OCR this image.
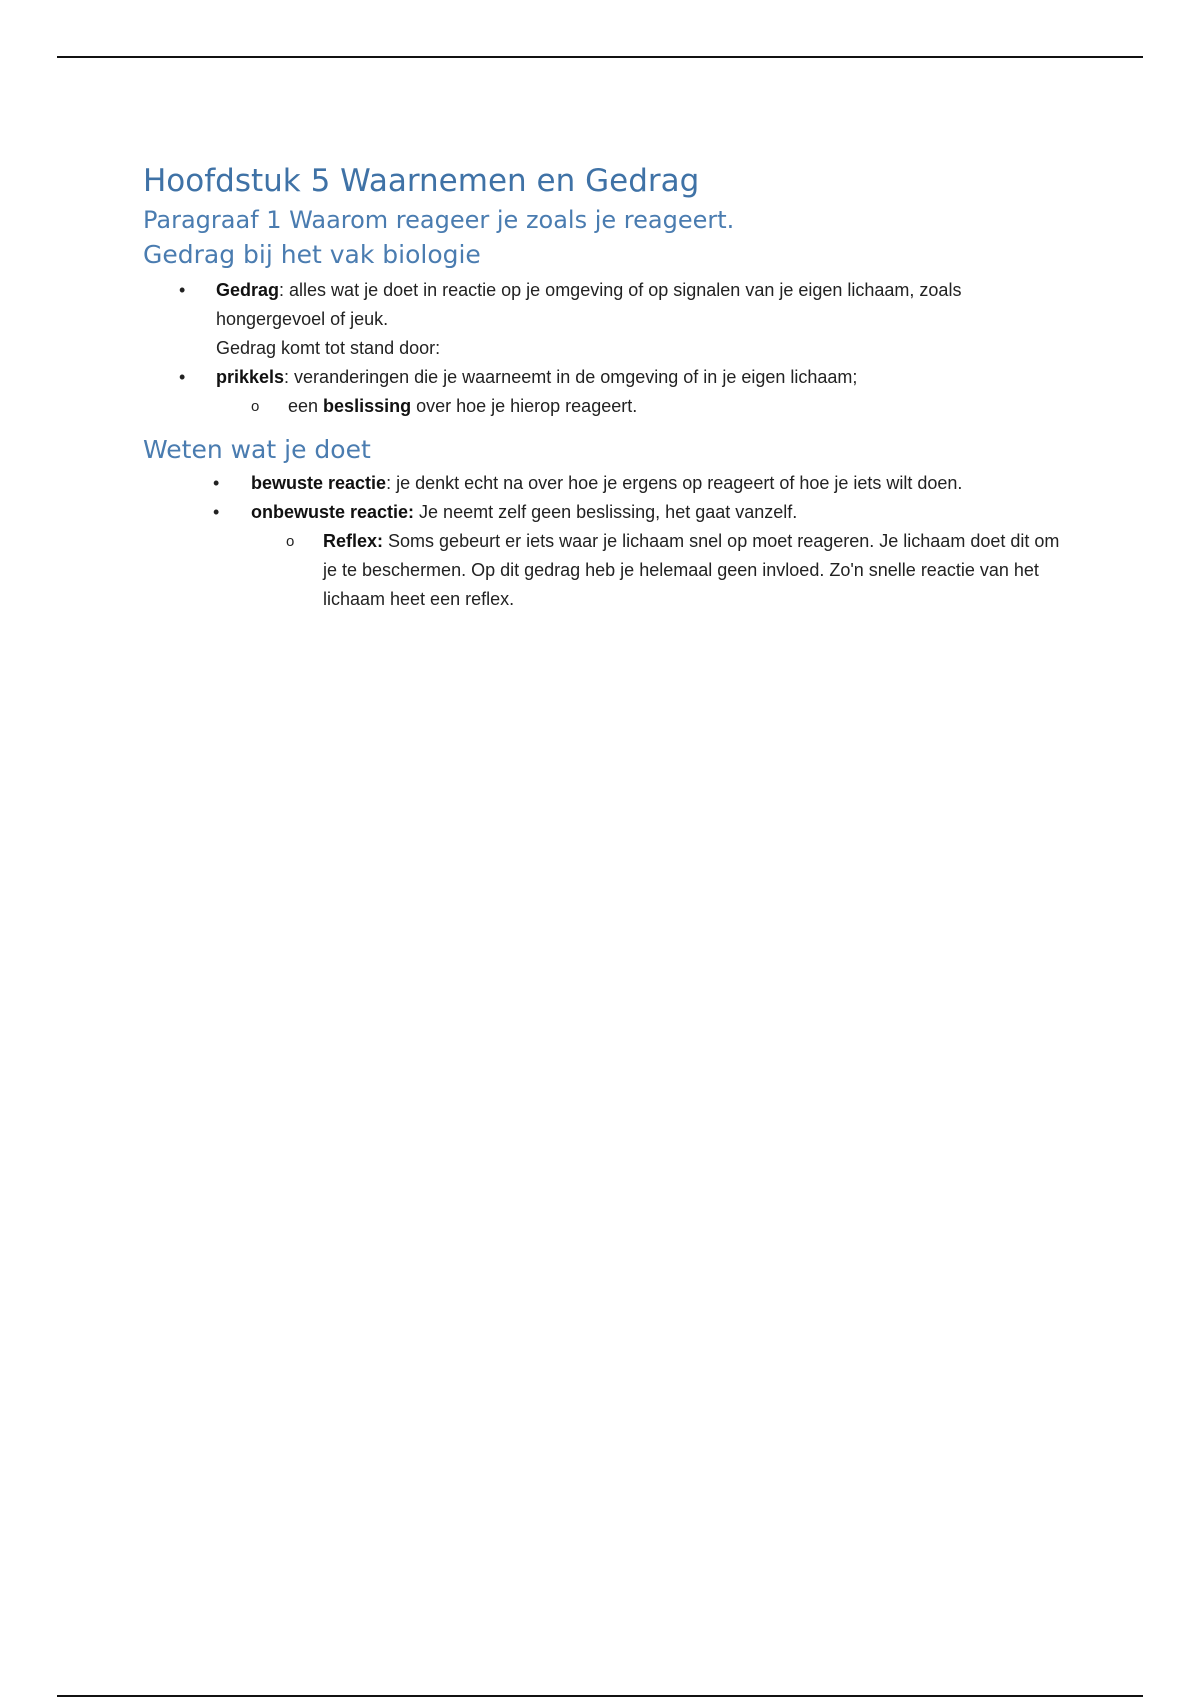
Hoofdstuk 5 Waarnemen en Gedrag
Paragraaf 1 Waarom reageer je zoals je reageert.
Gedrag bij het vak biologie
• Gedrag: alles wat je doet in reactie op je omgeving of op signalen van je eigen lichaam, zoals hongergevoel of jeuk.
Gedrag komt tot stand door:
• prikkels: veranderingen die je waarneemt in de omgeving of in je eigen lichaam;
o een beslissing over hoe je hierop reageert.
Weten wat je doet
• bewuste reactie: je denkt echt na over hoe je ergens op reageert of hoe je iets wilt doen.
• onbewuste reactie: Je neemt zelf geen beslissing, het gaat vanzelf.
o Reflex: Soms gebeurt er iets waar je lichaam snel op moet reageren. Je lichaam doet dit om je te beschermen. Op dit gedrag heb je helemaal geen invloed. Zo'n snelle reactie van het lichaam heet een reflex.
